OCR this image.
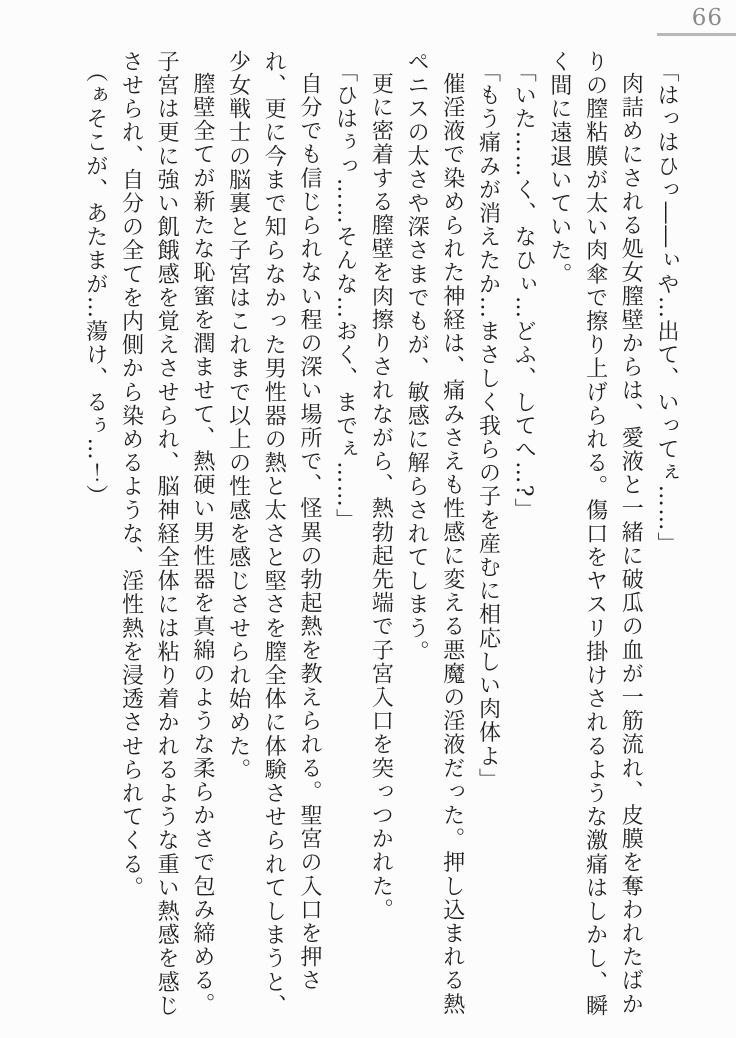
66

「はっはひっ――ぃや…出て、いってぇ……」

肉詰めにされる処女膣壁からは、愛液と一緒に破瓜の血が一筋流れ、皮膜を奪われたばかりの膣粘膜が太い肉傘で擦り上げられる。傷口をヤスリ掛けされるような激痛はしかし、瞬く間に遠退いていた。

「いた……く、なひぃ…どふ、してへ…?」

「もう痛みが消えたか…まさしく我らの子を産むに相応しい肉体よ」

催淫液で染められた神経は、痛みさえも性感に変える悪魔の淫液だった。押し込まれる熱ペニスの太さや深さまでもが、敏感に解らされてしまう。

更に密着する膣壁を肉擦りされながら、熱勃起先端で子宮入口を突っつかれた。

「ひはぅっ……そんな…おく、までぇ……」

自分でも信じられない程の深い場所で、怪異の勃起熱を教えられる。聖宮の入口を押され、更に今まで知らなかった男性器の熱と太さと堅さを膣全体に体験させられてしまうと、少女戦士の脳裏と子宮はこれまで以上の性感を感じさせられ始めた。

膣壁全てが新たな恥蜜を潤ませて、熱硬い男性器を真綿のような柔らかさで包み締める。子宮は更に強い飢餓感を覚えさせられ、脳神経全体には粘り着かれるような重い熱感を感じさせられ、自分の全てを内側から染めるような、淫性熱を浸透させられてくる。

（ぁそこが、あたまが…蕩け、るぅ…！）
